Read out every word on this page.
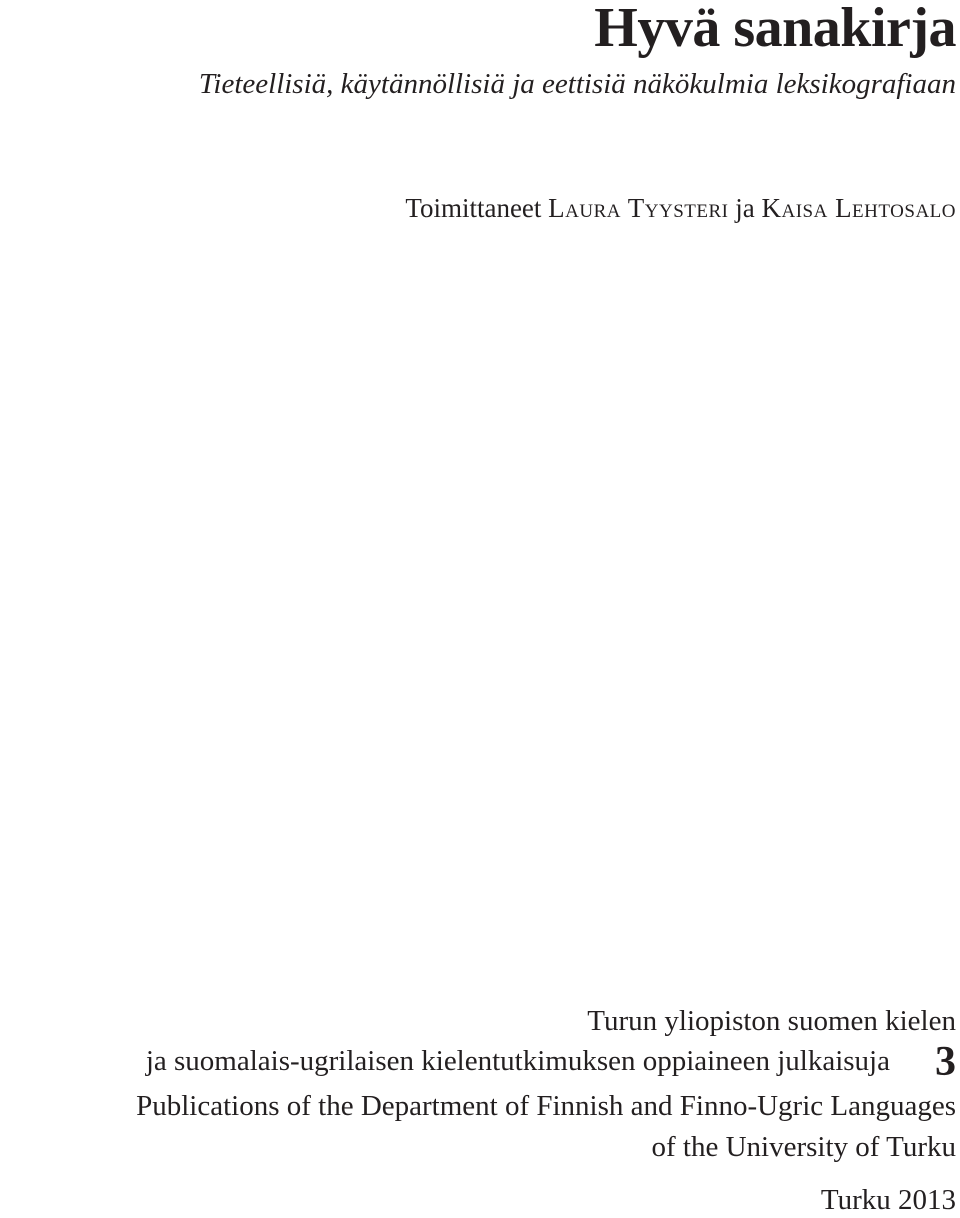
Hyvä sanakirja
Tieteellisiä, käytännöllisiä ja eettisiä näkökulmia leksikografiaan
Toimittaneet Laura Tyysteri ja Kaisa Lehtosalo
Turun yliopiston suomen kielen
ja suomalais-ugrilaisen kielentutkimuksen oppiaineen julkaisuja 3
Publications of the Department of Finnish and Finno-Ugric Languages
of the University of Turku
Turku 2013
